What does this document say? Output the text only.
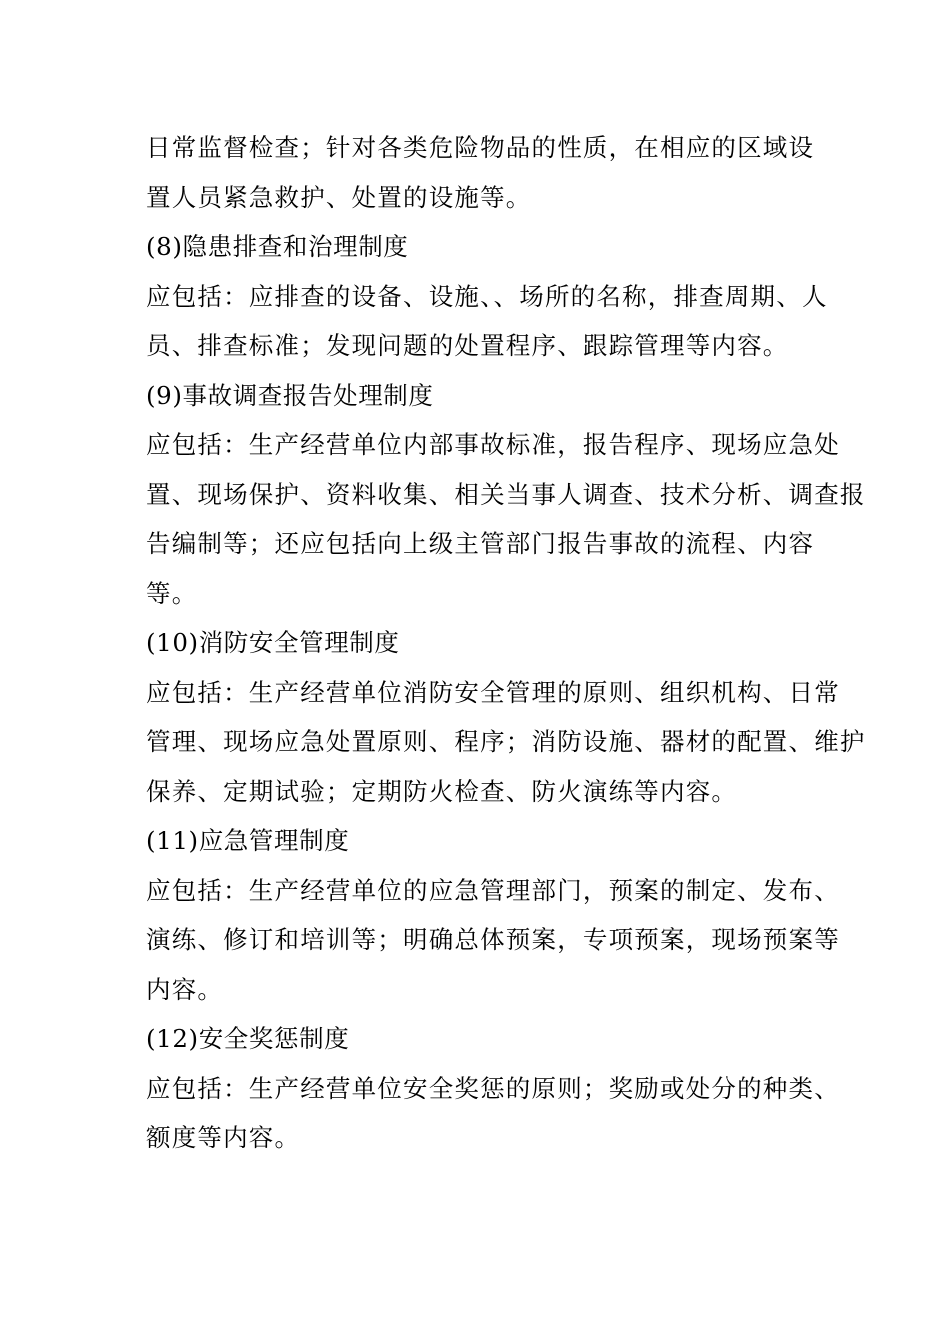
日常监督检查；针对各类危险物品的性质，在相应的区域设
置人员紧急救护、处置的设施等。
(8)隐患排查和治理制度
应包括：应排查的设备、设施、、场所的名称，排查周期、人
员、排查标准；发现问题的处置程序、跟踪管理等内容。
(9)事故调查报告处理制度
应包括：生产经营单位内部事故标准，报告程序、现场应急处
置、现场保护、资料收集、相关当事人调查、技术分析、调查报
告编制等；还应包括向上级主管部门报告事故的流程、内容
等。
(10)消防安全管理制度
应包括：生产经营单位消防安全管理的原则、组织机构、日常
管理、现场应急处置原则、程序；消防设施、器材的配置、维护
保养、定期试验；定期防火检查、防火演练等内容。
(11)应急管理制度
应包括：生产经营单位的应急管理部门，预案的制定、发布、
演练、修订和培训等；明确总体预案，专项预案，现场预案等
内容。
(12)安全奖惩制度
应包括：生产经营单位安全奖惩的原则；奖励或处分的种类、
额度等内容。
